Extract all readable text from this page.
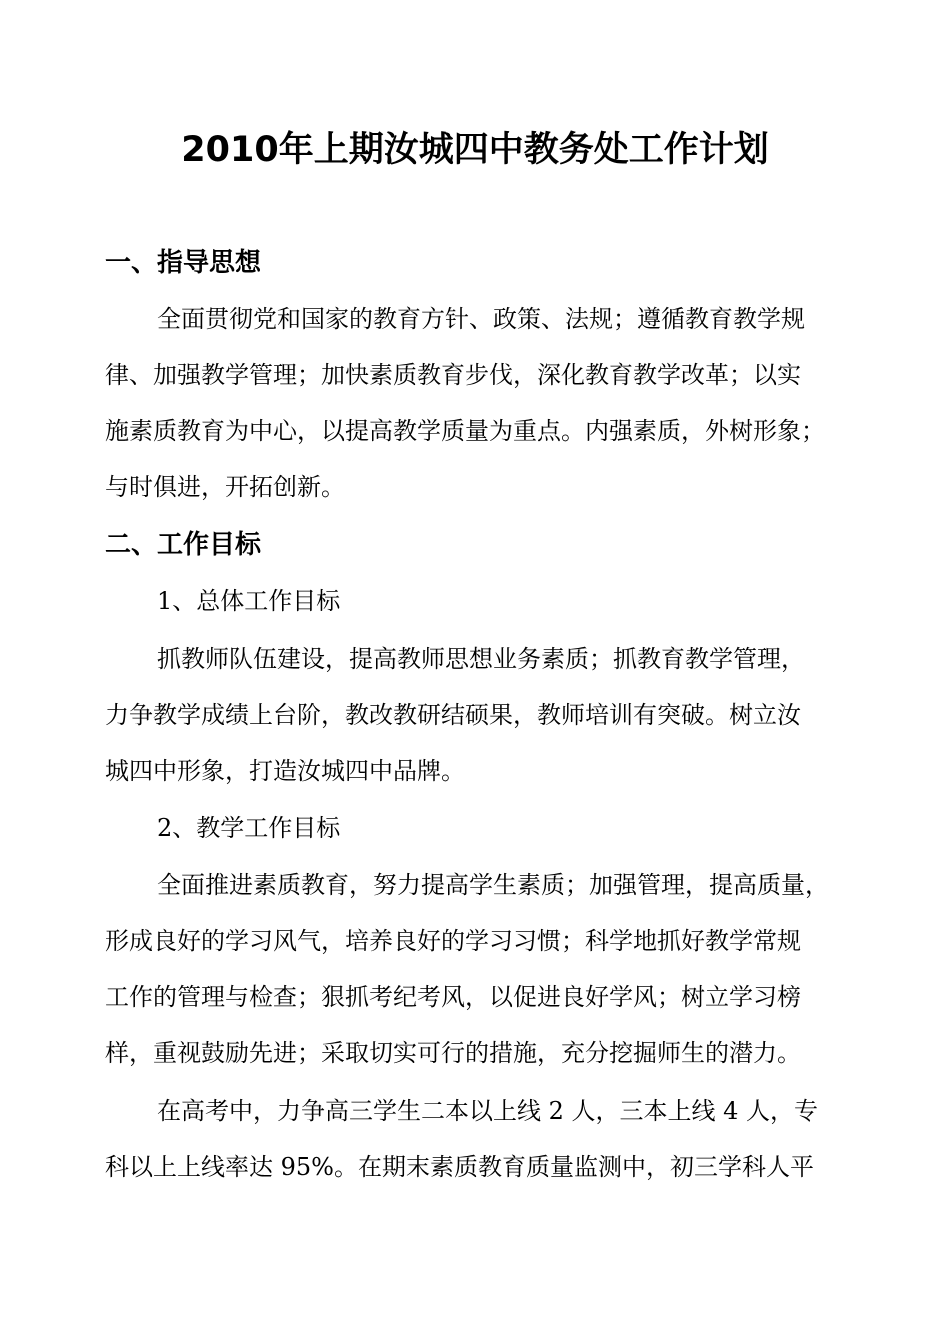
2010年上期汝城四中教务处工作计划
一、指导思想
全面贯彻党和国家的教育方针、政策、法规；遵循教育教学规
律、加强教学管理；加快素质教育步伐，深化教育教学改革；以实
施素质教育为中心，以提高教学质量为重点。内强素质，外树形象；
与时俱进，开拓创新。
二、工作目标
1、总体工作目标
抓教师队伍建设，提高教师思想业务素质；抓教育教学管理，
力争教学成绩上台阶，教改教研结硕果，教师培训有突破。树立汝
城四中形象，打造汝城四中品牌。
2、教学工作目标
全面推进素质教育，努力提高学生素质；加强管理，提高质量，
形成良好的学习风气，培养良好的学习习惯；科学地抓好教学常规
工作的管理与检查；狠抓考纪考风，以促进良好学风；树立学习榜
样，重视鼓励先进；采取切实可行的措施，充分挖掘师生的潜力。
在高考中，力争高三学生二本以上线 2 人，三本上线 4 人，专
科以上上线率达 95%。在期末素质教育质量监测中，初三学科人平
